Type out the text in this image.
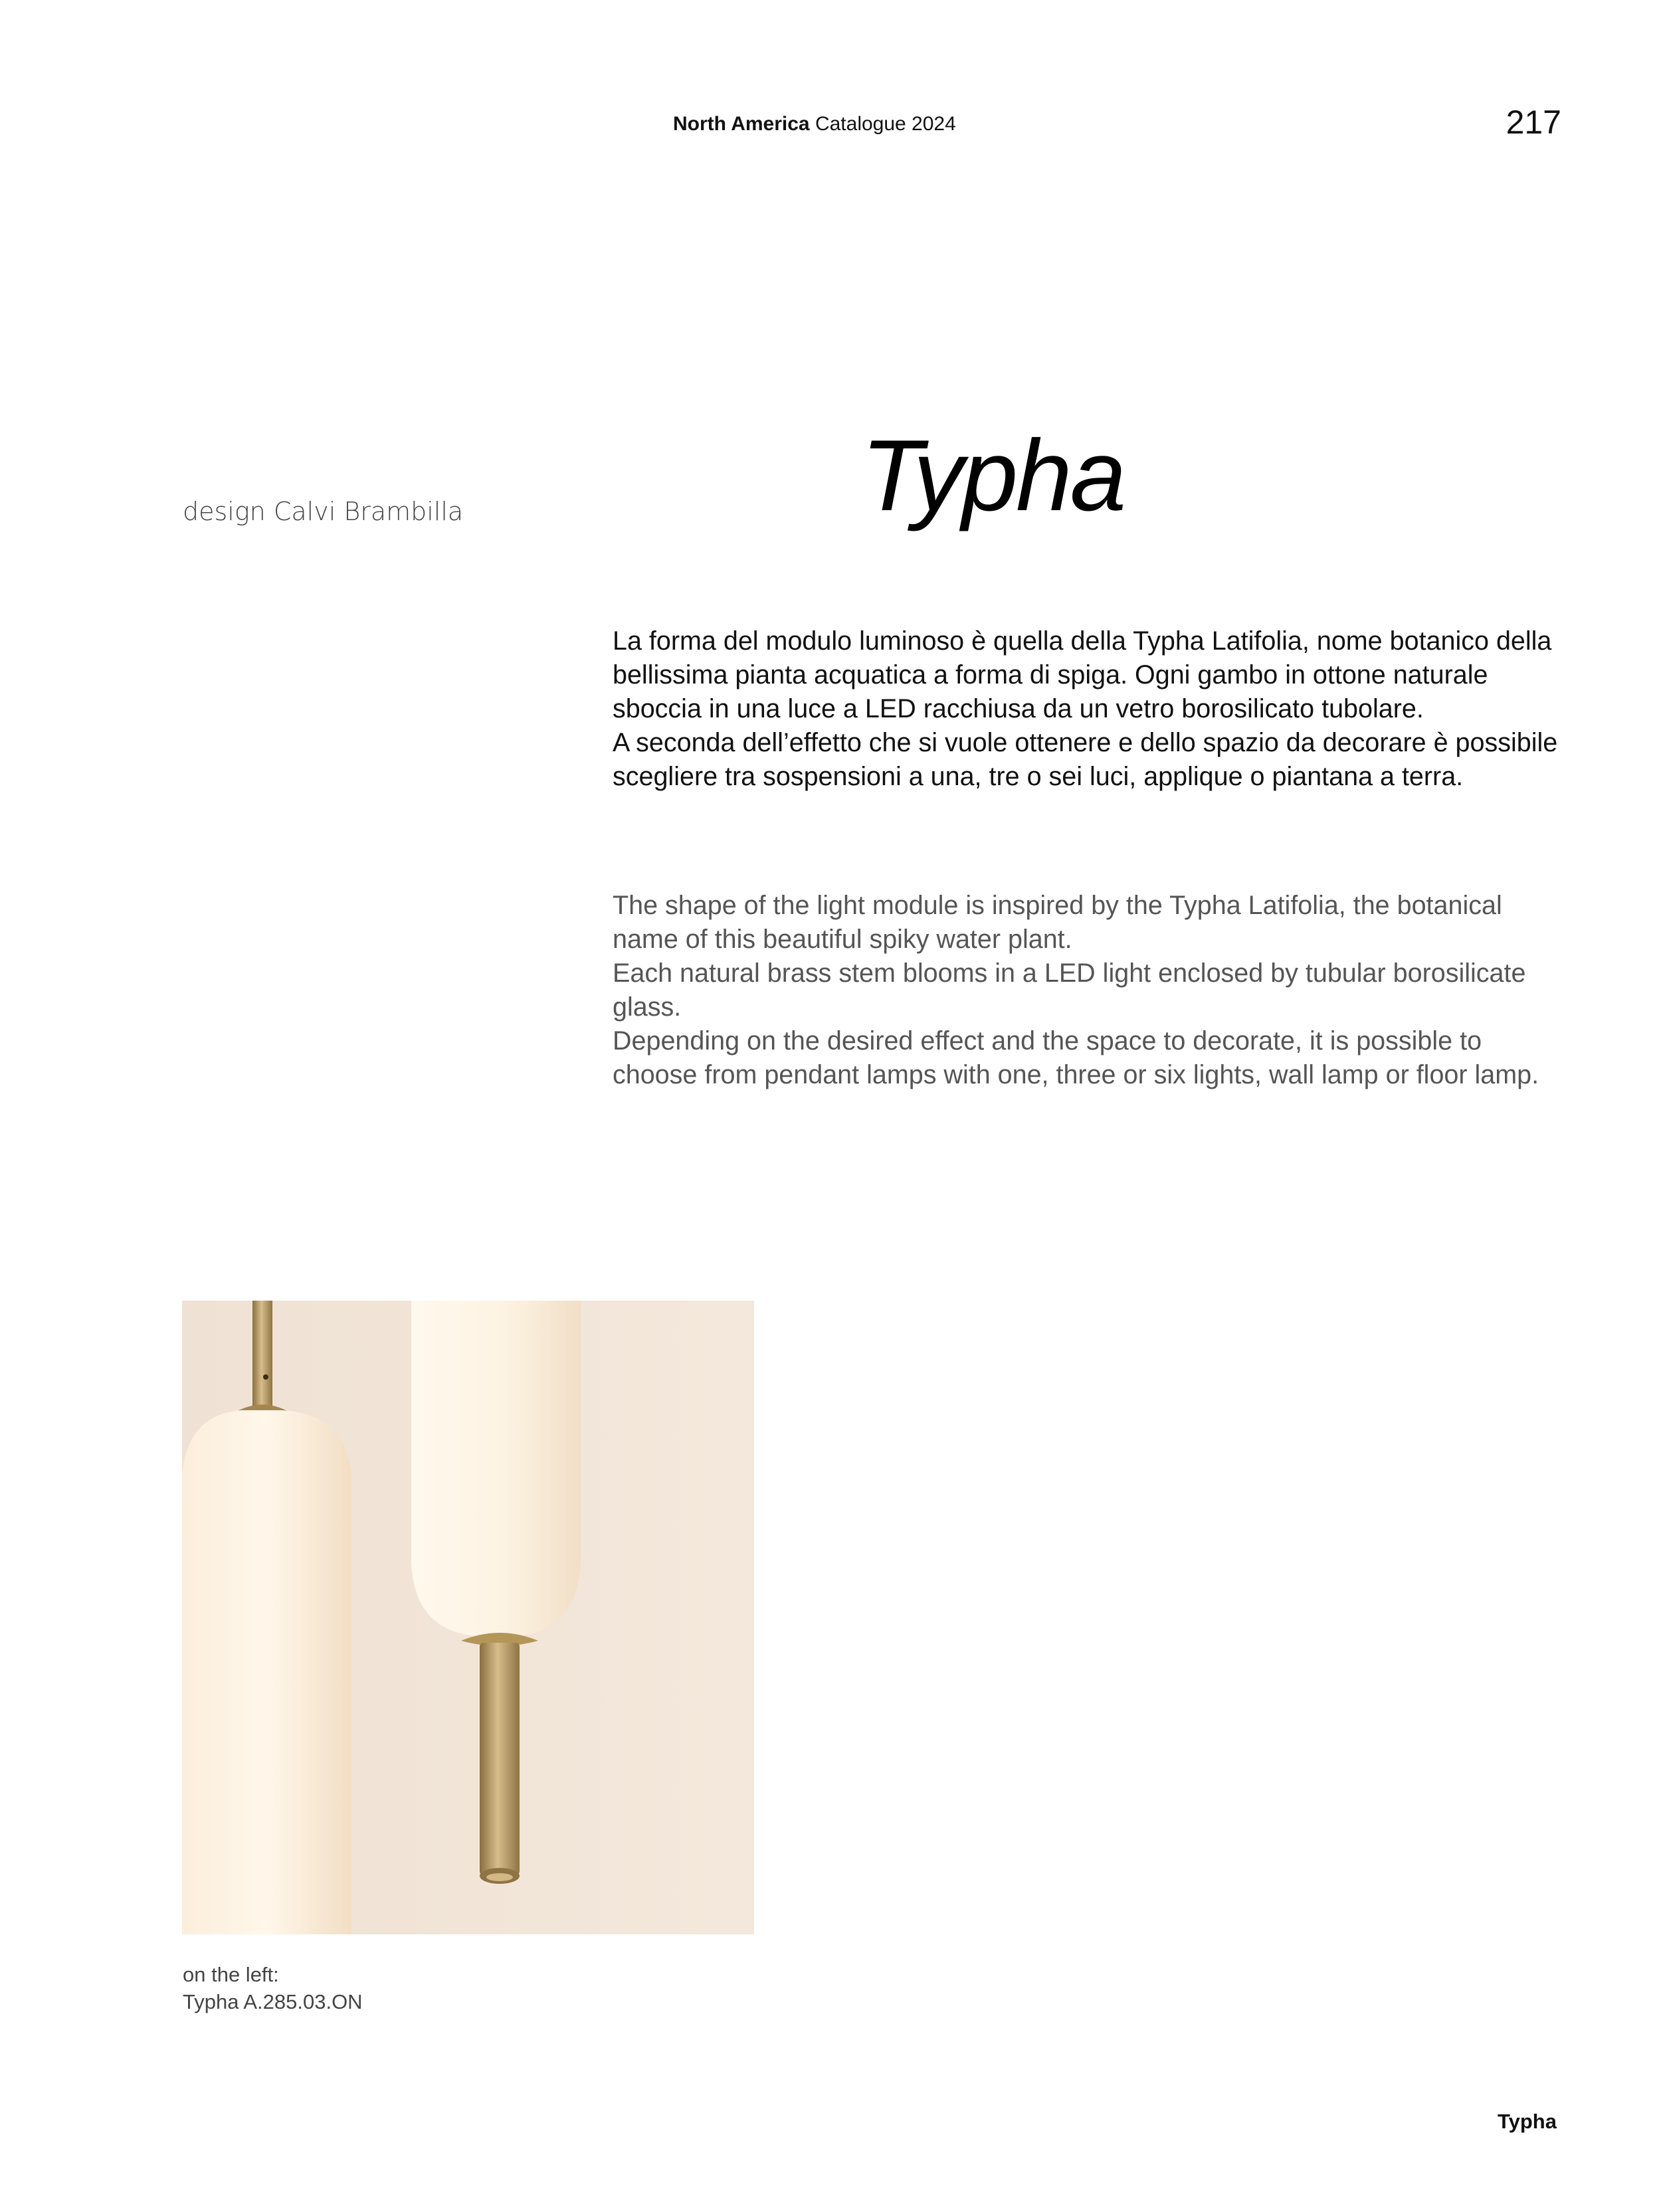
North America Catalogue 2024	217
design Calvi Brambilla	Typha

La forma del modulo luminoso è quella della Typha Latifolia, nome botanico della bellissima pianta acquatica a forma di spiga. Ogni gambo in ottone naturale sboccia in una luce a LED racchiusa da un vetro borosilicato tubolare.

A seconda dell’effetto che si vuole ottenere e dello spazio da decorare è possibile scegliere tra sospensioni a una, tre o sei luci, applique o piantana a terra.

The shape of the light module is inspired by the Typha Latifolia, the botanical name of this beautiful spiky water plant.

Each natural brass stem blooms in a LED light enclosed by tubular borosilicate glass.

Depending on the desired effect and the space to decorate, it is possible to choose from pendant lamps with one, three or six lights, wall lamp or floor lamp.

on the left:
Typha A.285.03.ON
Typha
